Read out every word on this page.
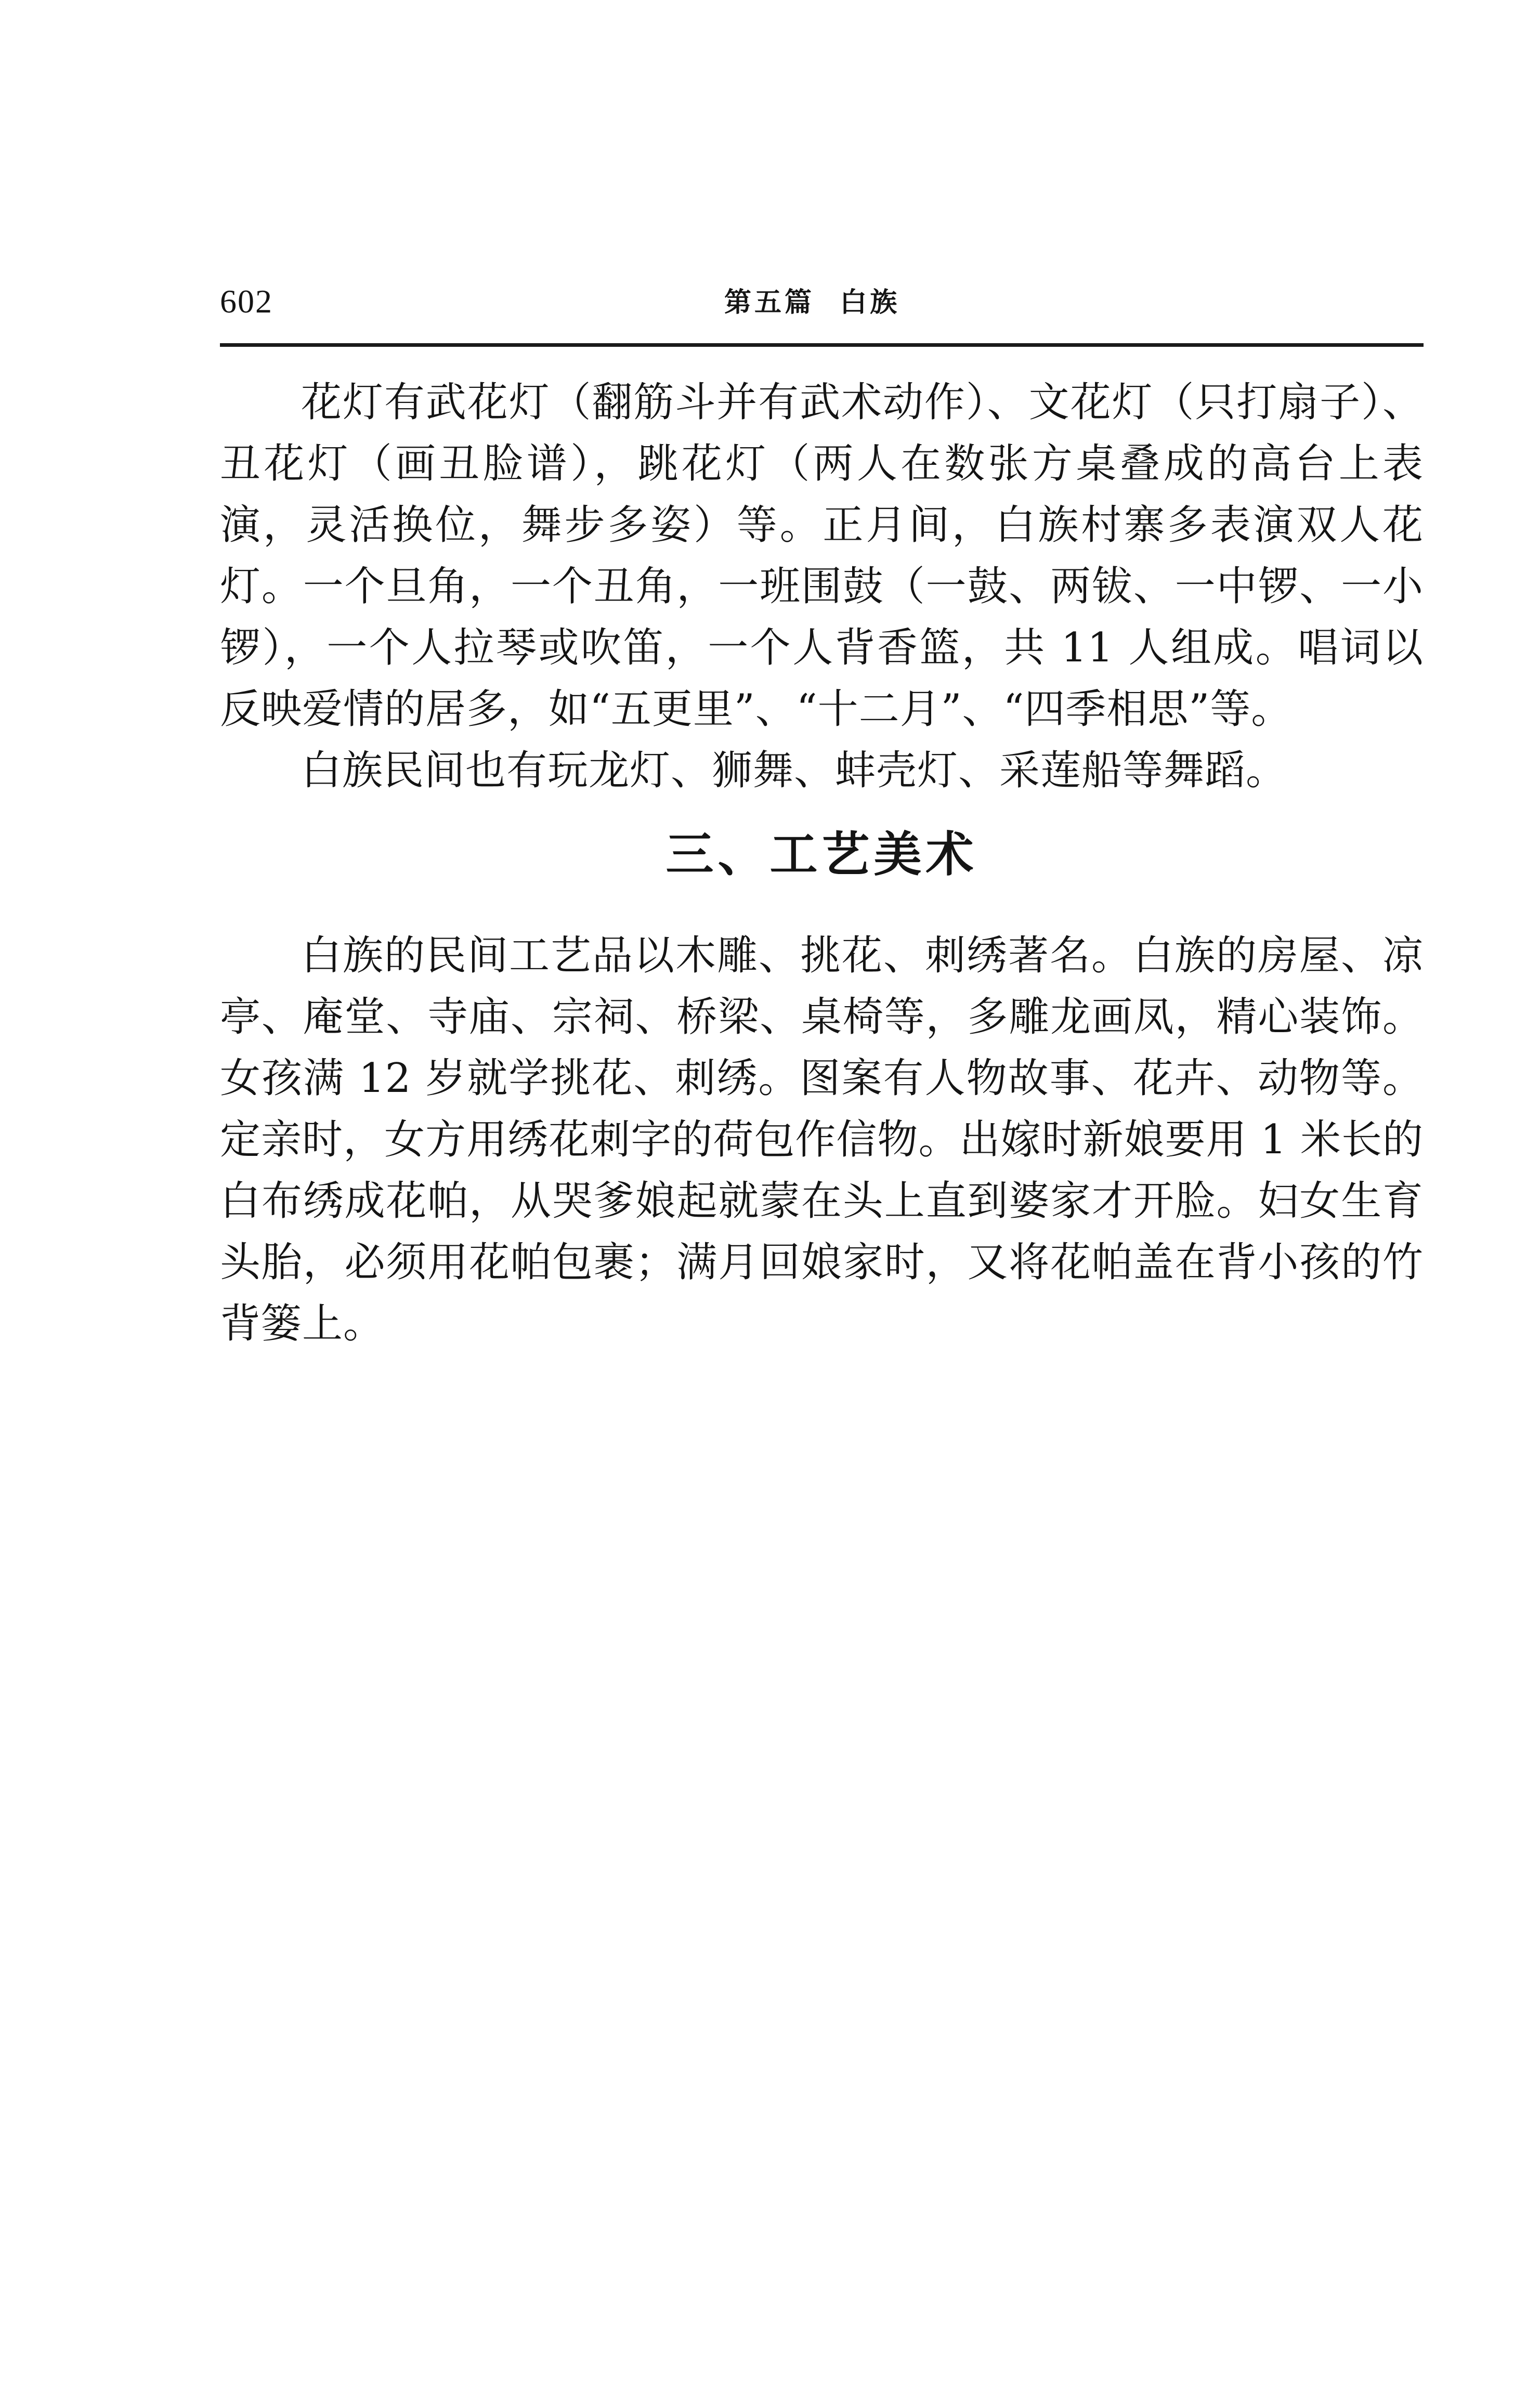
602	第五篇  白族

花灯有武花灯（翻筋斗并有武术动作）、文花灯（只打扇子）、丑花灯（画丑脸谱），跳花灯（两人在数张方桌叠成的高台上表演，灵活换位，舞步多姿）等。正月间，白族村寨多表演双人花灯。一个旦角，一个丑角，一班围鼓（一鼓、两钹、一中锣、一小锣），一个人拉琴或吹笛，一个人背香篮，共 11 人组成。唱词以反映爱情的居多，如“五更里”、“十二月”、“四季相思”等。

白族民间也有玩龙灯、狮舞、蚌壳灯、采莲船等舞蹈。

三、工艺美术

白族的民间工艺品以木雕、挑花、刺绣著名。白族的房屋、凉亭、庵堂、寺庙、宗祠、桥梁、桌椅等，多雕龙画凤，精心装饰。女孩满 12 岁就学挑花、刺绣。图案有人物故事、花卉、动物等。定亲时，女方用绣花刺字的荷包作信物。出嫁时新娘要用 1 米长的白布绣成花帕，从哭爹娘起就蒙在头上直到婆家才开脸。妇女生育头胎，必须用花帕包裹；满月回娘家时，又将花帕盖在背小孩的竹背篓上。
